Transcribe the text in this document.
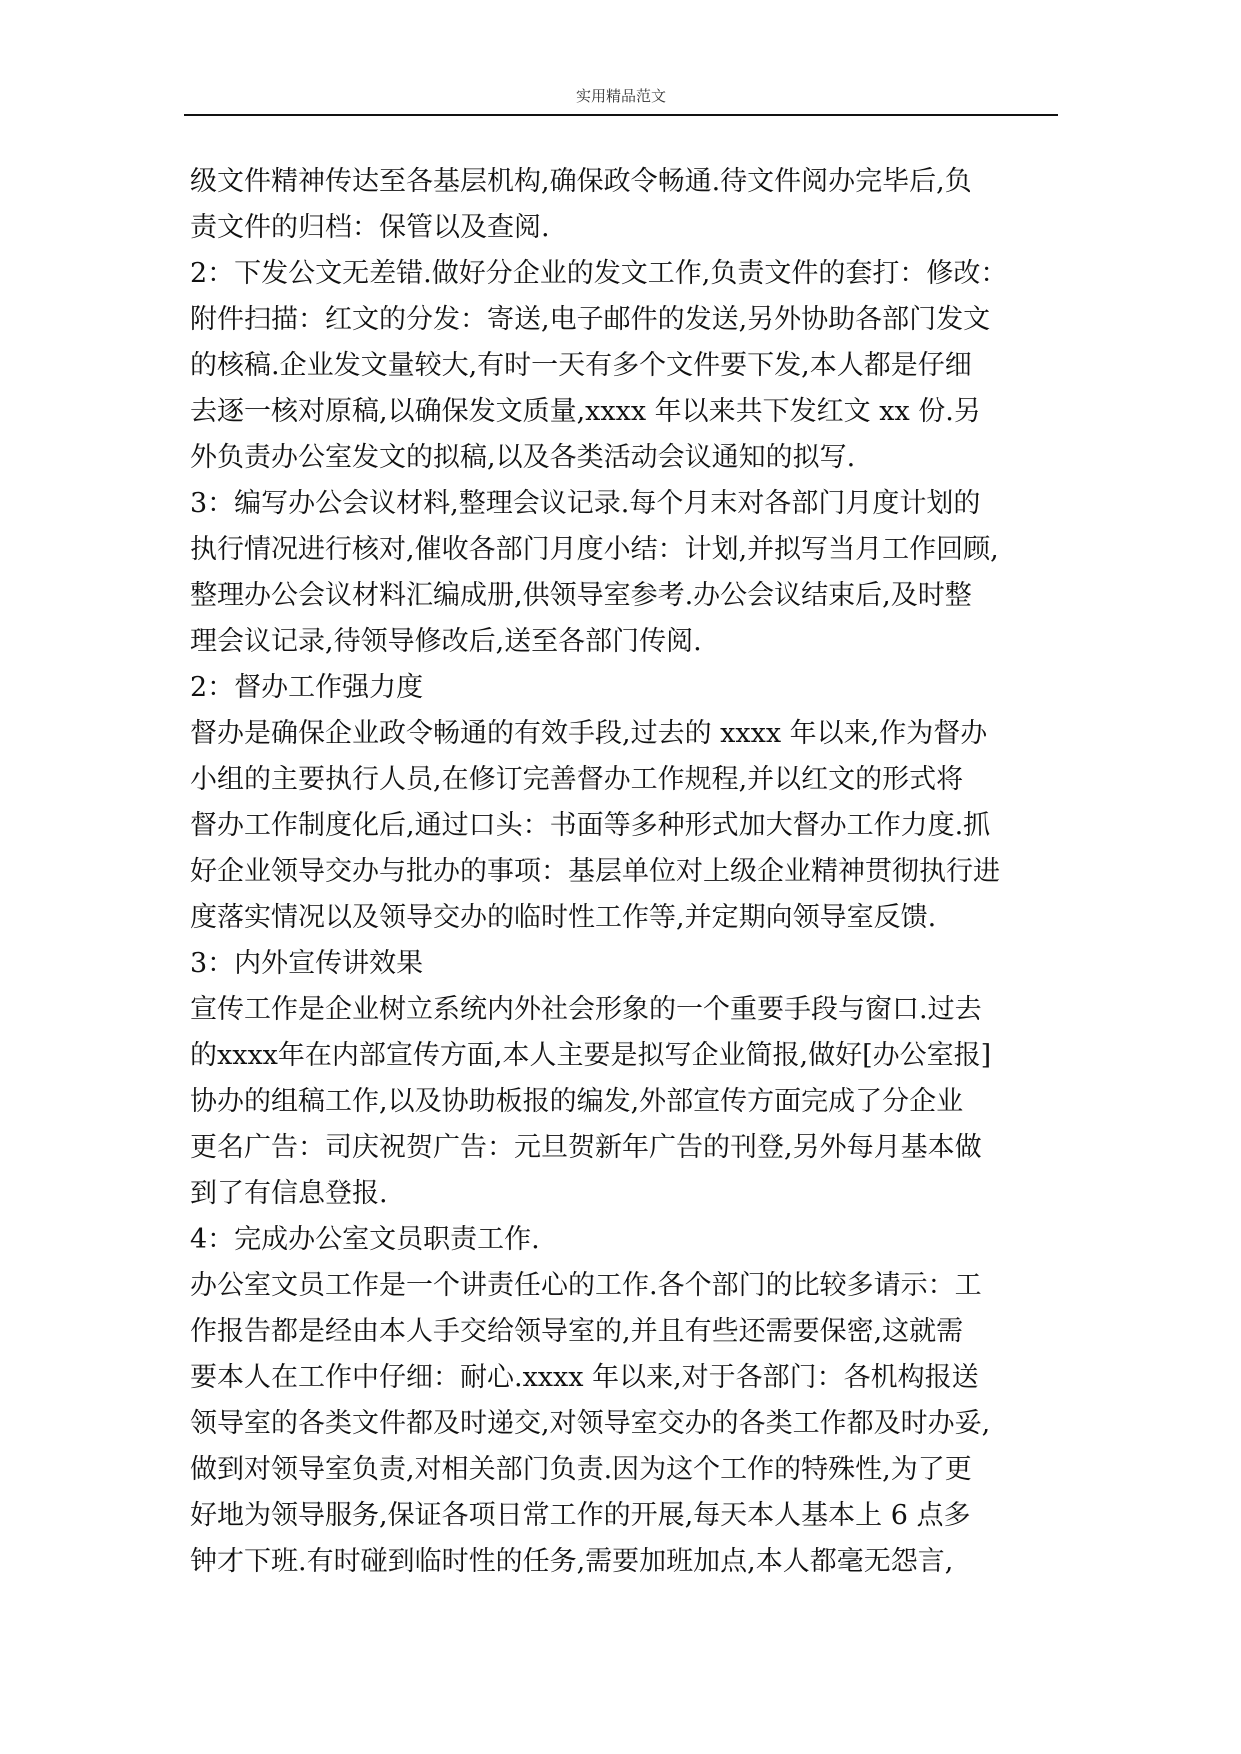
实用精品范文
级文件精神传达至各基层机构,确保政令畅通.待文件阅办完毕后,负
责文件的归档：保管以及查阅.
2：下发公文无差错.做好分企业的发文工作,负责文件的套打：修改：
附件扫描：红文的分发：寄送,电子邮件的发送,另外协助各部门发文
的核稿.企业发文量较大,有时一天有多个文件要下发,本人都是仔细
去逐一核对原稿,以确保发文质量,xxxx 年以来共下发红文 xx 份.另
外负责办公室发文的拟稿,以及各类活动会议通知的拟写.
3：编写办公会议材料,整理会议记录.每个月末对各部门月度计划的
执行情况进行核对,催收各部门月度小结：计划,并拟写当月工作回顾,
整理办公会议材料汇编成册,供领导室参考.办公会议结束后,及时整
理会议记录,待领导修改后,送至各部门传阅.
2：督办工作强力度
督办是确保企业政令畅通的有效手段,过去的 xxxx 年以来,作为督办
小组的主要执行人员,在修订完善督办工作规程,并以红文的形式将
督办工作制度化后,通过口头：书面等多种形式加大督办工作力度.抓
好企业领导交办与批办的事项：基层单位对上级企业精神贯彻执行进
度落实情况以及领导交办的临时性工作等,并定期向领导室反馈.
3：内外宣传讲效果
宣传工作是企业树立系统内外社会形象的一个重要手段与窗口.过去
的xxxx年在内部宣传方面,本人主要是拟写企业简报,做好[办公室报]
协办的组稿工作,以及协助板报的编发,外部宣传方面完成了分企业
更名广告：司庆祝贺广告：元旦贺新年广告的刊登,另外每月基本做
到了有信息登报.
4：完成办公室文员职责工作.
办公室文员工作是一个讲责任心的工作.各个部门的比较多请示：工
作报告都是经由本人手交给领导室的,并且有些还需要保密,这就需
要本人在工作中仔细：耐心.xxxx 年以来,对于各部门：各机构报送
领导室的各类文件都及时递交,对领导室交办的各类工作都及时办妥,
做到对领导室负责,对相关部门负责.因为这个工作的特殊性,为了更
好地为领导服务,保证各项日常工作的开展,每天本人基本上 6 点多
钟才下班.有时碰到临时性的任务,需要加班加点,本人都毫无怨言,
